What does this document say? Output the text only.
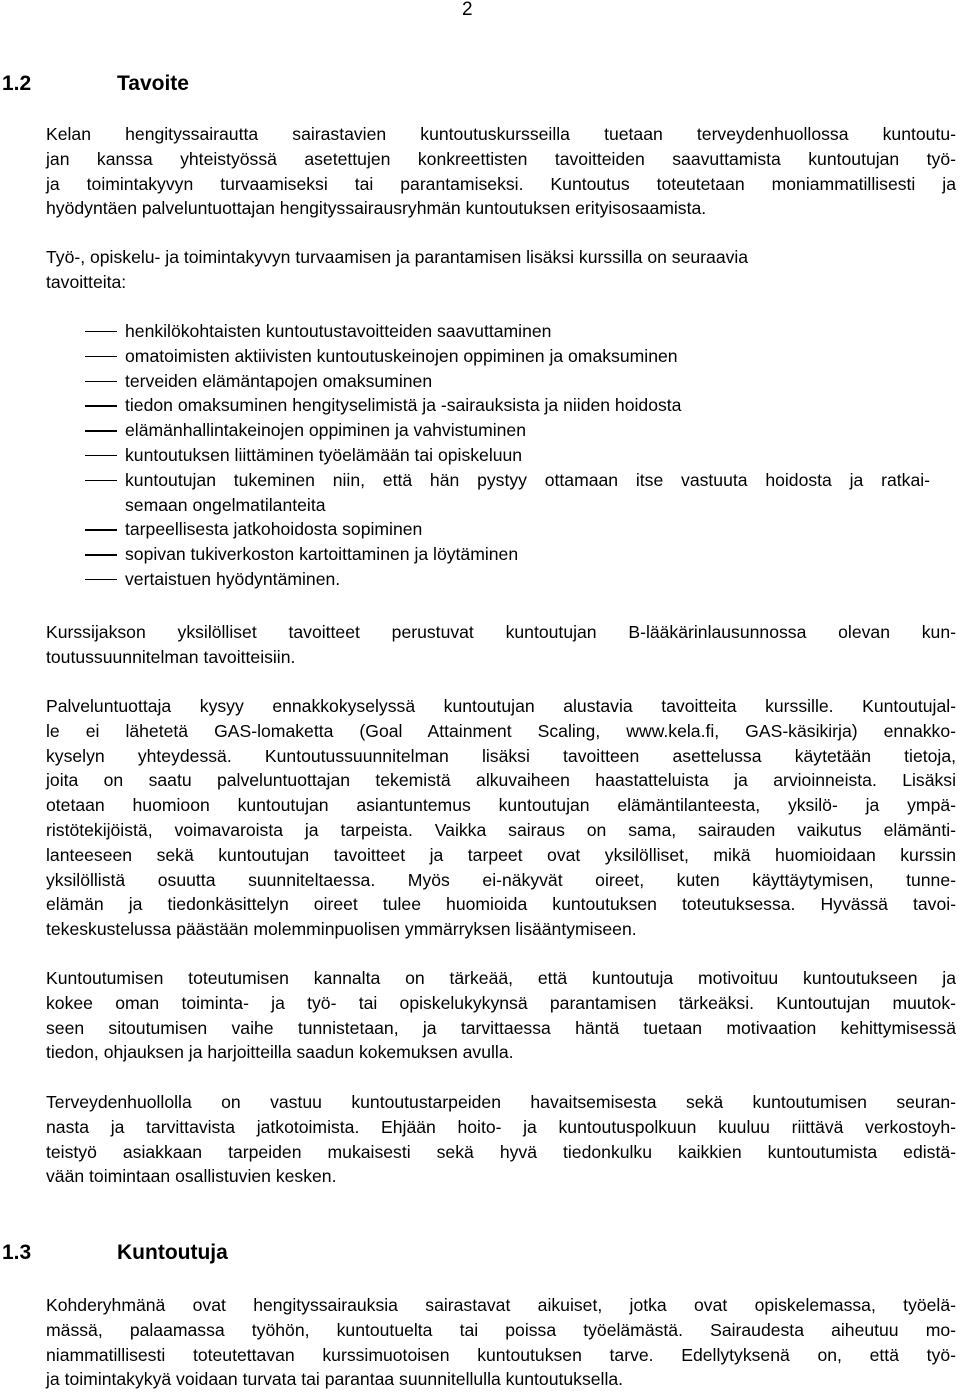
2
1.2	Tavoite
Kelan hengityssairautta sairastavien kuntoutuskursseilla tuetaan terveydenhuollossa kuntoutu-
jan kanssa yhteistyössä asetettujen konkreettisten tavoitteiden saavuttamista kuntoutujan työ-
ja toimintakyvyn turvaamiseksi tai parantamiseksi. Kuntoutus toteutetaan moniammatillisesti ja
hyödyntäen palveluntuottajan hengityssairausryhmän kuntoutuksen erityisosaamista.
Työ-, opiskelu- ja toimintakyvyn turvaamisen ja parantamisen lisäksi kurssilla on seuraavia
tavoitteita:
henkilökohtaisten kuntoutustavoitteiden saavuttaminen
omatoimisten aktiivisten kuntoutuskeinojen oppiminen ja omaksuminen
terveiden elämäntapojen omaksuminen
tiedon omaksuminen hengityselimistä ja -sairauksista ja niiden hoidosta
elämänhallintakeinojen oppiminen ja vahvistuminen
kuntoutuksen liittäminen työelämään tai opiskeluun
kuntoutujan tukeminen niin, että hän pystyy ottamaan itse vastuuta hoidosta ja ratkai-
semaan ongelmatilanteita
tarpeellisesta jatkohoidosta sopiminen
sopivan tukiverkoston kartoittaminen ja löytäminen
vertaistuen hyödyntäminen.
Kurssijakson yksilölliset tavoitteet perustuvat kuntoutujan B-lääkärinlausunnossa olevan kun-
toutussuunnitelman tavoitteisiin.
Palveluntuottaja kysyy ennakkokyselyssä kuntoutujan alustavia tavoitteita kurssille. Kuntoutujal-
le ei lähetetä GAS-lomaketta (Goal Attainment Scaling, www.kela.fi, GAS-käsikirja) ennakko-
kyselyn yhteydessä. Kuntoutussuunnitelman lisäksi tavoitteen asettelussa käytetään tietoja,
joita on saatu palveluntuottajan tekemistä alkuvaiheen haastatteluista ja arvioinneista. Lisäksi
otetaan huomioon kuntoutujan asiantuntemus kuntoutujan elämäntilanteesta, yksilö- ja ympä-
ristötekijöistä, voimavaroista ja tarpeista. Vaikka sairaus on sama, sairauden vaikutus elämänti-
lanteeseen sekä kuntoutujan tavoitteet ja tarpeet ovat yksilölliset, mikä huomioidaan kurssin
yksilöllistä osuutta suunniteltaessa. Myös ei-näkyvät oireet, kuten käyttäytymisen, tunne-
elämän ja tiedonkäsittelyn oireet tulee huomioida kuntoutuksen toteutuksessa. Hyvässä tavoi-
tekeskustelussa päästään molemminpuolisen ymmärryksen lisääntymiseen.
Kuntoutumisen toteutumisen kannalta on tärkeää, että kuntoutuja motivoituu kuntoutukseen ja
kokee oman toiminta- ja työ- tai opiskelukykynsä parantamisen tärkeäksi. Kuntoutujan muutok-
seen sitoutumisen vaihe tunnistetaan, ja tarvittaessa häntä tuetaan motivaation kehittymisessä
tiedon, ohjauksen ja harjoitteilla saadun kokemuksen avulla.
Terveydenhuollolla on vastuu kuntoutustarpeiden havaitsemisesta sekä kuntoutumisen seuran-
nasta ja tarvittavista jatkotoimista. Ehjään hoito- ja kuntoutuspolkuun kuuluu riittävä verkostoyh-
teistyö asiakkaan tarpeiden mukaisesti sekä hyvä tiedonkulku kaikkien kuntoutumista edistä-
vään toimintaan osallistuvien kesken.
1.3	Kuntoutuja
Kohderyhmänä ovat hengityssairauksia sairastavat aikuiset, jotka ovat opiskelemassa, työelä-
mässä, palaamassa työhön, kuntoutuelta tai poissa työelämästä. Sairaudesta aiheutuu mo-
niammatillisesti toteutettavan kurssimuotoisen kuntoutuksen tarve. Edellytyksenä on, että työ-
ja toimintakykyä voidaan turvata tai parantaa suunnitellulla kuntoutuksella.
